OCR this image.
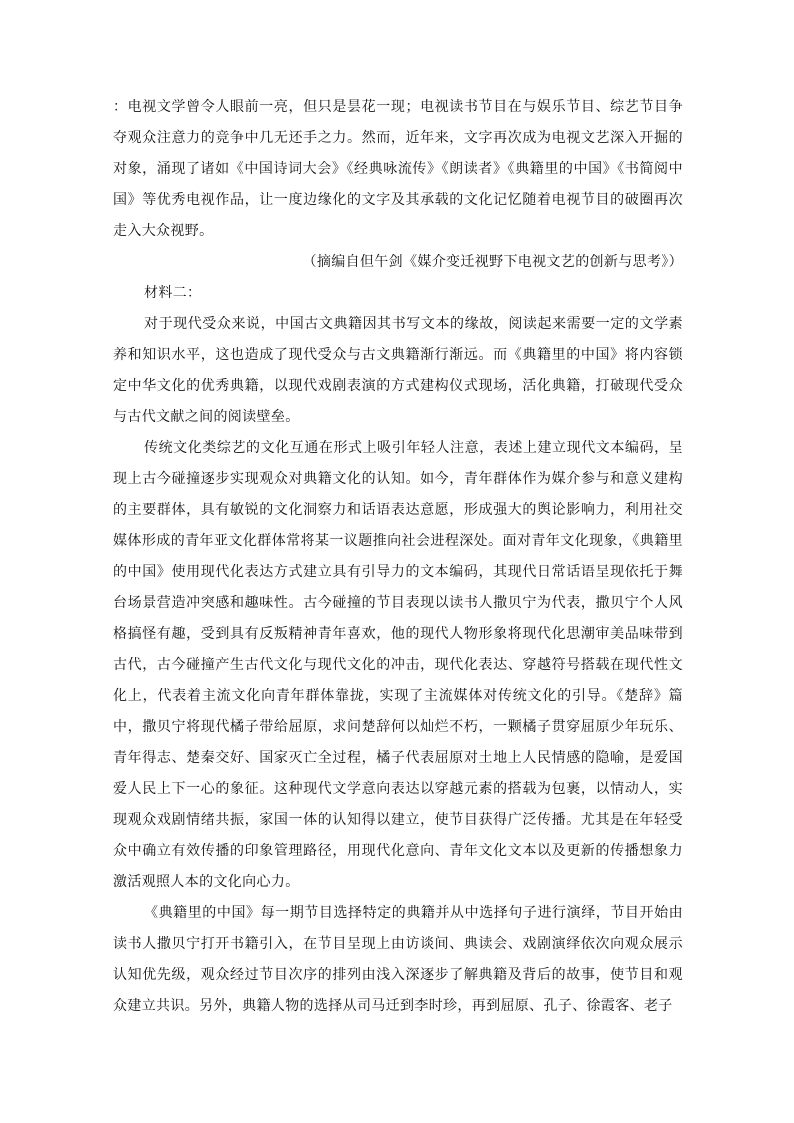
：电视文学曾令人眼前一亮，但只是昙花一现；电视读书节目在与娱乐节目、综艺节目争夺观众注意力的竞争中几无还手之力。然而，近年来，文字再次成为电视文艺深入开掘的对象，涌现了诸如《中国诗词大会》《经典咏流传》《朗读者》《典籍里的中国》《书简阅中国》等优秀电视作品，让一度边缘化的文字及其承载的文化记忆随着电视节目的破圈再次走入大众视野。

（摘编自但午剑《媒介变迁视野下电视文艺的创新与思考》）

材料二：

对于现代受众来说，中国古文典籍因其书写文本的缘故，阅读起来需要一定的文学素养和知识水平，这也造成了现代受众与古文典籍渐行渐远。而《典籍里的中国》将内容锁定中华文化的优秀典籍，以现代戏剧表演的方式建构仪式现场，活化典籍，打破现代受众与古代文献之间的阅读壁垒。

传统文化类综艺的文化互通在形式上吸引年轻人注意，表述上建立现代文本编码，呈现上古今碰撞逐步实现观众对典籍文化的认知。如今，青年群体作为媒介参与和意义建构的主要群体，具有敏锐的文化洞察力和话语表达意愿，形成强大的舆论影响力，利用社交媒体形成的青年亚文化群体常将某一议题推向社会进程深处。面对青年文化现象，《典籍里的中国》使用现代化表达方式建立具有引导力的文本编码，其现代日常话语呈现依托于舞台场景营造冲突感和趣味性。古今碰撞的节目表现以读书人撒贝宁为代表，撒贝宁个人风格搞怪有趣，受到具有反叛精神青年喜欢，他的现代人物形象将现代化思潮审美品味带到古代，古今碰撞产生古代文化与现代文化的冲击，现代化表达、穿越符号搭载在现代性文化上，代表着主流文化向青年群体靠拢，实现了主流媒体对传统文化的引导。《楚辞》篇中，撒贝宁将现代橘子带给屈原，求问楚辞何以灿烂不朽，一颗橘子贯穿屈原少年玩乐、青年得志、楚秦交好、国家灭亡全过程，橘子代表屈原对土地上人民情感的隐喻，是爱国爱人民上下一心的象征。这种现代文学意向表达以穿越元素的搭载为包裹，以情动人，实现观众戏剧情绪共振，家国一体的认知得以建立，使节目获得广泛传播。尤其是在年轻受众中确立有效传播的印象管理路径，用现代化意向、青年文化文本以及更新的传播想象力激活观照人本的文化向心力。

《典籍里的中国》每一期节目选择特定的典籍并从中选择句子进行演绎，节目开始由读书人撒贝宁打开书籍引入，在节目呈现上由访谈间、典读会、戏剧演绎依次向观众展示认知优先级，观众经过节目次序的排列由浅入深逐步了解典籍及背后的故事，使节目和观众建立共识。另外，典籍人物的选择从司马迁到李时珍，再到屈原、孔子、徐霞客、老子
